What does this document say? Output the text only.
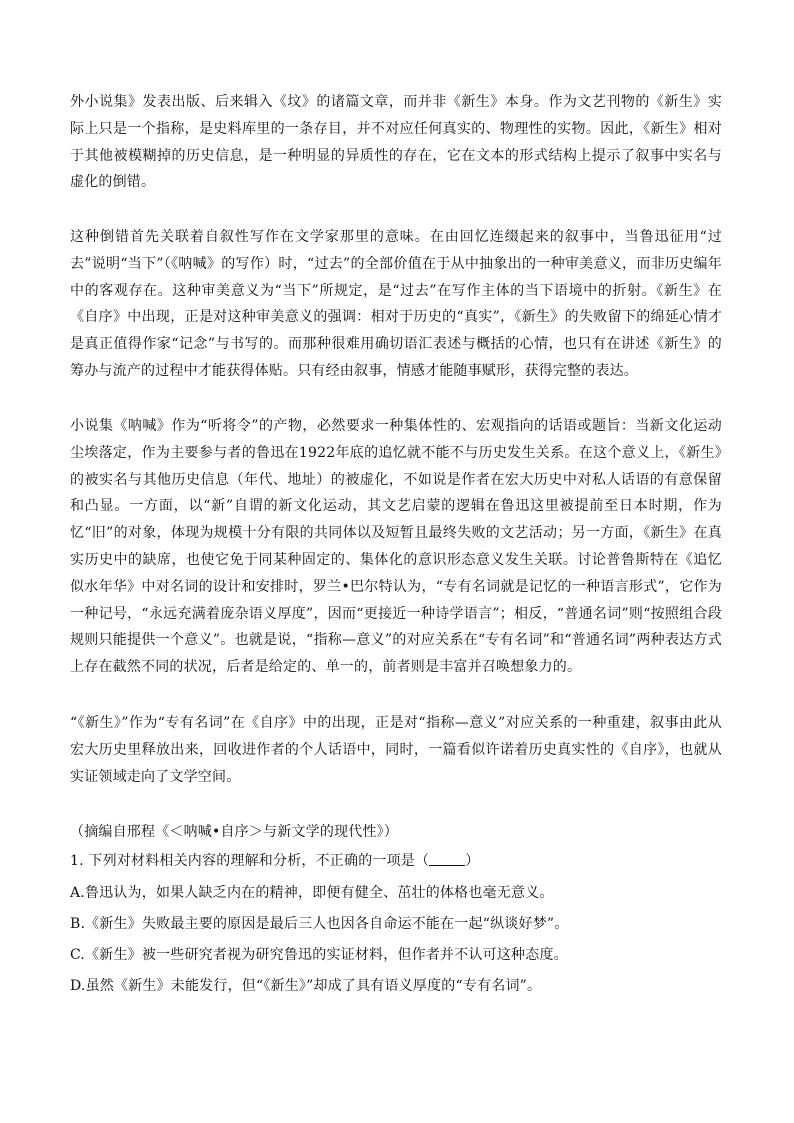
外小说集》发表出版、后来辑入《坟》的诸篇文章，而并非《新生》本身。作为文艺刊物的《新生》实际上只是一个指称，是史料库里的一条存目，并不对应任何真实的、物理性的实物。因此，《新生》相对于其他被模糊掉的历史信息，是一种明显的异质性的存在，它在文本的形式结构上提示了叙事中实名与虚化的倒错。

这种倒错首先关联着自叙性写作在文学家那里的意味。在由回忆连缀起来的叙事中，当鲁迅征用“过去”说明“当下”（《呐喊》的写作）时，“过去”的全部价值在于从中抽象出的一种审美意义，而非历史编年中的客观存在。这种审美意义为“当下”所规定，是“过去”在写作主体的当下语境中的折射。《新生》在《自序》中出现，正是对这种审美意义的强调：相对于历史的“真实”，《新生》的失败留下的绵延心情才是真正值得作家“记念”与书写的。而那种很难用确切语汇表述与概括的心情，也只有在讲述《新生》的筹办与流产的过程中才能获得体贴。只有经由叙事，情感才能随事赋形，获得完整的表达。

小说集《呐喊》作为“听将令”的产物，必然要求一种集体性的、宏观指向的话语或题旨：当新文化运动尘埃落定，作为主要参与者的鲁迅在1922年底的追忆就不能不与历史发生关系。在这个意义上，《新生》的被实名与其他历史信息（年代、地址）的被虚化，不如说是作者在宏大历史中对私人话语的有意保留和凸显。一方面，以“新”自谓的新文化运动，其文艺启蒙的逻辑在鲁迅这里被提前至日本时期，作为忆“旧”的对象，体现为规模十分有限的共同体以及短暂且最终失败的文艺活动；另一方面，《新生》在真实历史中的缺席，也使它免于同某种固定的、集体化的意识形态意义发生关联。讨论普鲁斯特在《追忆似水年华》中对名词的设计和安排时，罗兰•巴尔特认为，“专有名词就是记忆的一种语言形式”，它作为一种记号，“永远充满着庞杂语义厚度”，因而“更接近一种诗学语言”；相反，“普通名词”则“按照组合段规则只能提供一个意义”。也就是说，“指称—意义”的对应关系在“专有名词”和“普通名词”两种表达方式上存在截然不同的状况，后者是给定的、单一的，前者则是丰富并召唤想象力的。

“《新生》”作为“专有名词”在《自序》中的出现，正是对“指称—意义”对应关系的一种重建，叙事由此从宏大历史里释放出来，回收进作者的个人话语中，同时，一篇看似许诺着历史真实性的《自序》，也就从实证领域走向了文学空间。

（摘编自邢程《＜呐喊•自序＞与新文学的现代性》）

1. 下列对材料相关内容的理解和分析，不正确的一项是（	）

A.鲁迅认为，如果人缺乏内在的精神，即便有健全、茁壮的体格也毫无意义。

B.《新生》失败最主要的原因是最后三人也因各自命运不能在一起“纵谈好梦”。

C.《新生》被一些研究者视为研究鲁迅的实证材料，但作者并不认可这种态度。

D.虽然《新生》未能发行，但“《新生》”却成了具有语义厚度的“专有名词”。
